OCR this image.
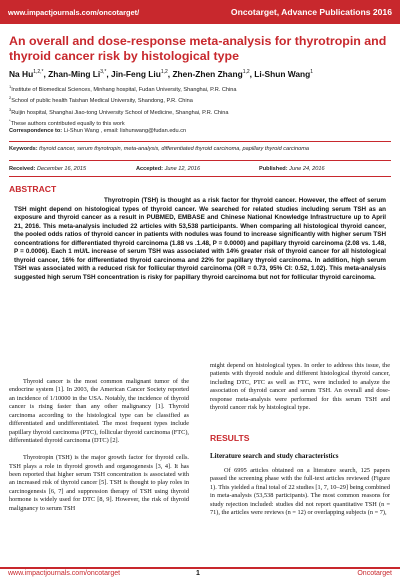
www.impactjournals.com/oncotarget/	Oncotarget, Advance Publications 2016
An overall and dose-response meta-analysis for thyrotropin and thyroid cancer risk by histological type
Na $Hu^{1,2,*}$, Zhan-Ming $Li^{3,*}$, Jin-Feng Liu$^{1,2}$, Zhen-Zhen Zhang$^{1,2}$, Li-Shun Wang$^1$
$^1$Institute of Biomedical Sciences, Minhang hospital, Fudan University, Shanghai, P.R. China
$^2$School of public health Taishan Medical University, Shandong, P.R. China
$^3$Ruijin hospital, Shanghai Jiao-tong University School of Medicine, Shanghai, P.R. China
*These authors contributed equally to this work
Correspondence to: Li-Shun Wang , email: lishunwang@fudan.edu.cn
Keywords: thyroid cancer, serum thyrotropin, meta-analysis, differentiated thyroid carcinoma, papillary thyroid carcinoma
Received: December 16, 2015	Accepted: June 12, 2016	Published: June 24, 2016
ABSTRACT
Thyrotropin (TSH) is thought as a risk factor for thyroid cancer. However, the effect of serum TSH might depend on histological types of thyroid cancer. We searched for related studies including serum TSH as an exposure and thyroid cancer as a result in PUBMED, EMBASE and Chinese National Knowledge Infrastructure up to April 21, 2016. This meta-analysis included 22 articles with 53,538 participants. When comparing all histological thyroid cancer, the pooled odds ratios of thyroid cancer in patients with nodules was found to increase significantly with higher serum TSH concentrations for differentiated thyroid carcinoma (1.88 vs .1.48, P = 0.0000) and papillary thyroid carcinoma (2.08 vs. 1.48, P = 0.0006). Each 1 mU/L increase of serum TSH was associated with 14% greater risk of thyroid cancer for all histological thyroid cancer, 16% for differentiated thyroid carcinoma and 22% for papillary thyroid carcinoma. In addition, high serum TSH was associated with a reduced risk for follicular thyroid carcinoma (OR = 0.73, 95% CI: 0.52, 1.02). This meta-analysis suggested high serum TSH concentration is risky for papillary thyroid carcinoma but not for follicular thyroid carcinoma.

Thyroid cancer is the most common malignant tumor of the endocrine system [1]. In 2003, the American Cancer Society reported an incidence of 1/10000 in the USA. Notably, the incidence of thyroid cancer is rising faster than any other malignancy [1]. Thyroid carcinoma according to the histological type can be classified as differentiated and undifferentiated. The most frequent types include papillary thyroid carcinoma (PTC), follicular thyroid carcinoma (FTC), differentiated thyroid carcinoma (DTC) [2].

Thyrotropin (TSH) is the major growth factor for thyroid cells. TSH plays a role in thyroid growth and organogenesis [3, 4]. It has been reported that higher serum TSH concentration is associated with an increased risk of thyroid cancer [5]. TSH is thought to play roles in carcinogenesis [6, 7] and suppression therapy of TSH using thyroid hormone is widely used for DTC [8, 9]. However, the risk of thyroid malignancy to serum TSH

might depend on histological types. In order to address this issue, the patients with thyroid nodule and different histological thyroid cancer, including DTC, PTC as well as FTC, were included to analyze the association of thyroid cancer and serum TSH. An overall and dose-response meta-analysis were performed for this serum TSH and thyroid cancer risk by histological type.

RESULTS
Literature search and study characteristics

Of 6995 articles obtained on a literature search, 125 papers passed the screening phase with the full-text articles reviewed (Figure 1). This yielded a final total of 22 studies [1, 7, 10–29] being combined in meta-analysis (53,538 participants). The most common reasons for study rejection included: studies did not report quantitative TSH (n = 71), the articles were reviews (n = 12) or overlapping subjects (n = 7),

www.impactjournals.com/oncotarget	1	Oncotarget
